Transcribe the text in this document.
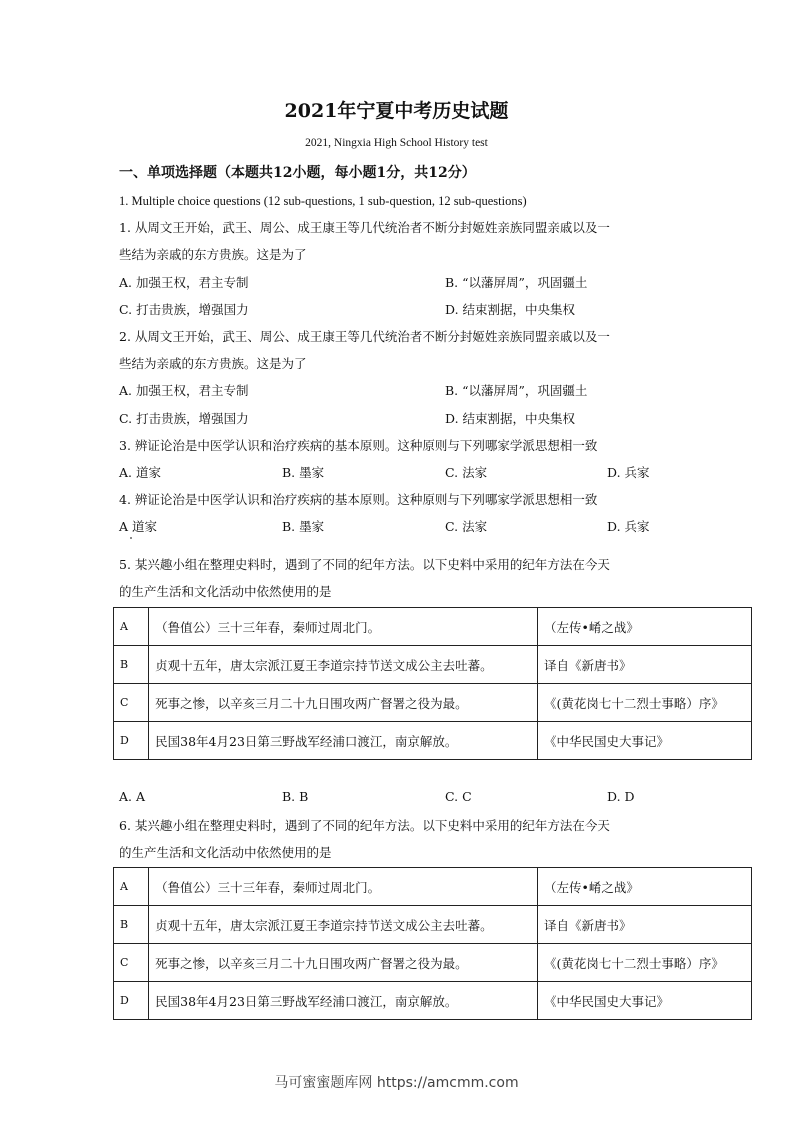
2021年宁夏中考历史试题
2021, Ningxia High School History test
一、单项选择题（本题共12小题，每小题1分，共12分）
1. Multiple choice questions (12 sub-questions, 1 sub-question, 12 sub-questions)
1. 从周文王开始，武王、周公、成王康王等几代统治者不断分封姬姓亲族同盟亲戚以及一
些结为亲戚的东方贵族。这是为了
A. 加强王权，君主专制	B. “以藩屏周”，巩固疆土
C. 打击贵族，增强国力	D. 结束割据，中央集权
2. 从周文王开始，武王、周公、成王康王等几代统治者不断分封姬姓亲族同盟亲戚以及一
些结为亲戚的东方贵族。这是为了
A. 加强王权，君主专制	B. “以藩屏周”，巩固疆土
C. 打击贵族，增强国力	D. 结束割据，中央集权
3. 辨证论治是中医学认识和治疗疾病的基本原则。这种原则与下列哪家学派思想相一致
A. 道家	B. 墨家	C. 法家	D. 兵家
4. 辨证论治是中医学认识和治疗疾病的基本原则。这种原则与下列哪家学派思想相一致
A 道家	B. 墨家	C. 法家	D. 兵家
5. 某兴趣小组在整理史料时，遇到了不同的纪年方法。以下史料中采用的纪年方法在今天
的生产生活和文化活动中依然使用的是
A	（鲁值公）三十三年春，秦师过周北门。	（左传•崤之战》
B	贞观十五年，唐太宗派江夏王李道宗持节送文成公主去吐蕃。	译自《新唐书》
C	死事之惨，以辛亥三月二十九日围攻两广督署之役为最。	《(黄花岗七十二烈士事略）序》
D	民国38年4月23日第三野战军经浦口渡江，南京解放。	《中华民国史大事记》
A. A	B. B	C. C	D. D
6. 某兴趣小组在整理史料时，遇到了不同的纪年方法。以下史料中采用的纪年方法在今天
的生产生活和文化活动中依然使用的是
A	（鲁值公）三十三年春，秦师过周北门。	（左传•崤之战》
B	贞观十五年，唐太宗派江夏王李道宗持节送文成公主去吐蕃。	译自《新唐书》
C	死事之惨，以辛亥三月二十九日围攻两广督署之役为最。	《(黄花岗七十二烈士事略）序》
D	民国38年4月23日第三野战军经浦口渡江，南京解放。	《中华民国史大事记》
马可蜜蜜题库网 https://amcmm.com
